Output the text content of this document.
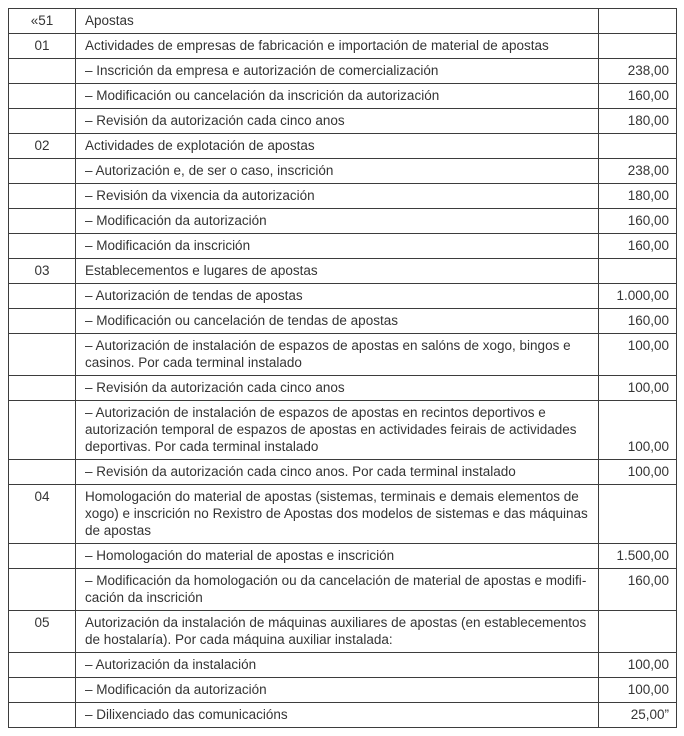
«51	Apostas	
01	Actividades de empresas de fabricación e importación de material de apostas	
	– Inscrición da empresa e autorización de comercialización	238,00
	– Modificación ou cancelación da inscrición da autorización	160,00
	– Revisión da autorización cada cinco anos	180,00
02	Actividades de explotación de apostas	
	– Autorización e, de ser o caso, inscrición	238,00
	– Revisión da vixencia da autorización	180,00
	– Modificación da autorización	160,00
	– Modificación da inscrición	160,00
03	Establecementos e lugares de apostas	
	– Autorización de tendas de apostas	1.000,00
	– Modificación ou cancelación de tendas de apostas	160,00
	– Autorización de instalación de espazos de apostas en salóns de xogo, bingos e casinos. Por cada terminal instalado	100,00
	– Revisión da autorización cada cinco anos	100,00
	– Autorización de instalación de espazos de apostas en recintos deportivos e autorización temporal de espazos de apostas en actividades feirais de actividades deportivas. Por cada terminal instalado	100,00
	– Revisión da autorización cada cinco anos. Por cada terminal instalado	100,00
04	Homologación do material de apostas (sistemas, terminais e demais elementos de xogo) e inscrición no Rexistro de Apostas dos modelos de sistemas e das máquinas de apostas	
	– Homologación do material de apostas e inscrición	1.500,00
	– Modificación da homologación ou da cancelación de material de apostas e modificación da inscrición	160,00
05	Autorización da instalación de máquinas auxiliares de apostas (en establecementos de hostalaría). Por cada máquina auxiliar instalada:	
	– Autorización da instalación	100,00
	– Modificación da autorización	100,00
	– Dilixenciado das comunicacións	25,00”
